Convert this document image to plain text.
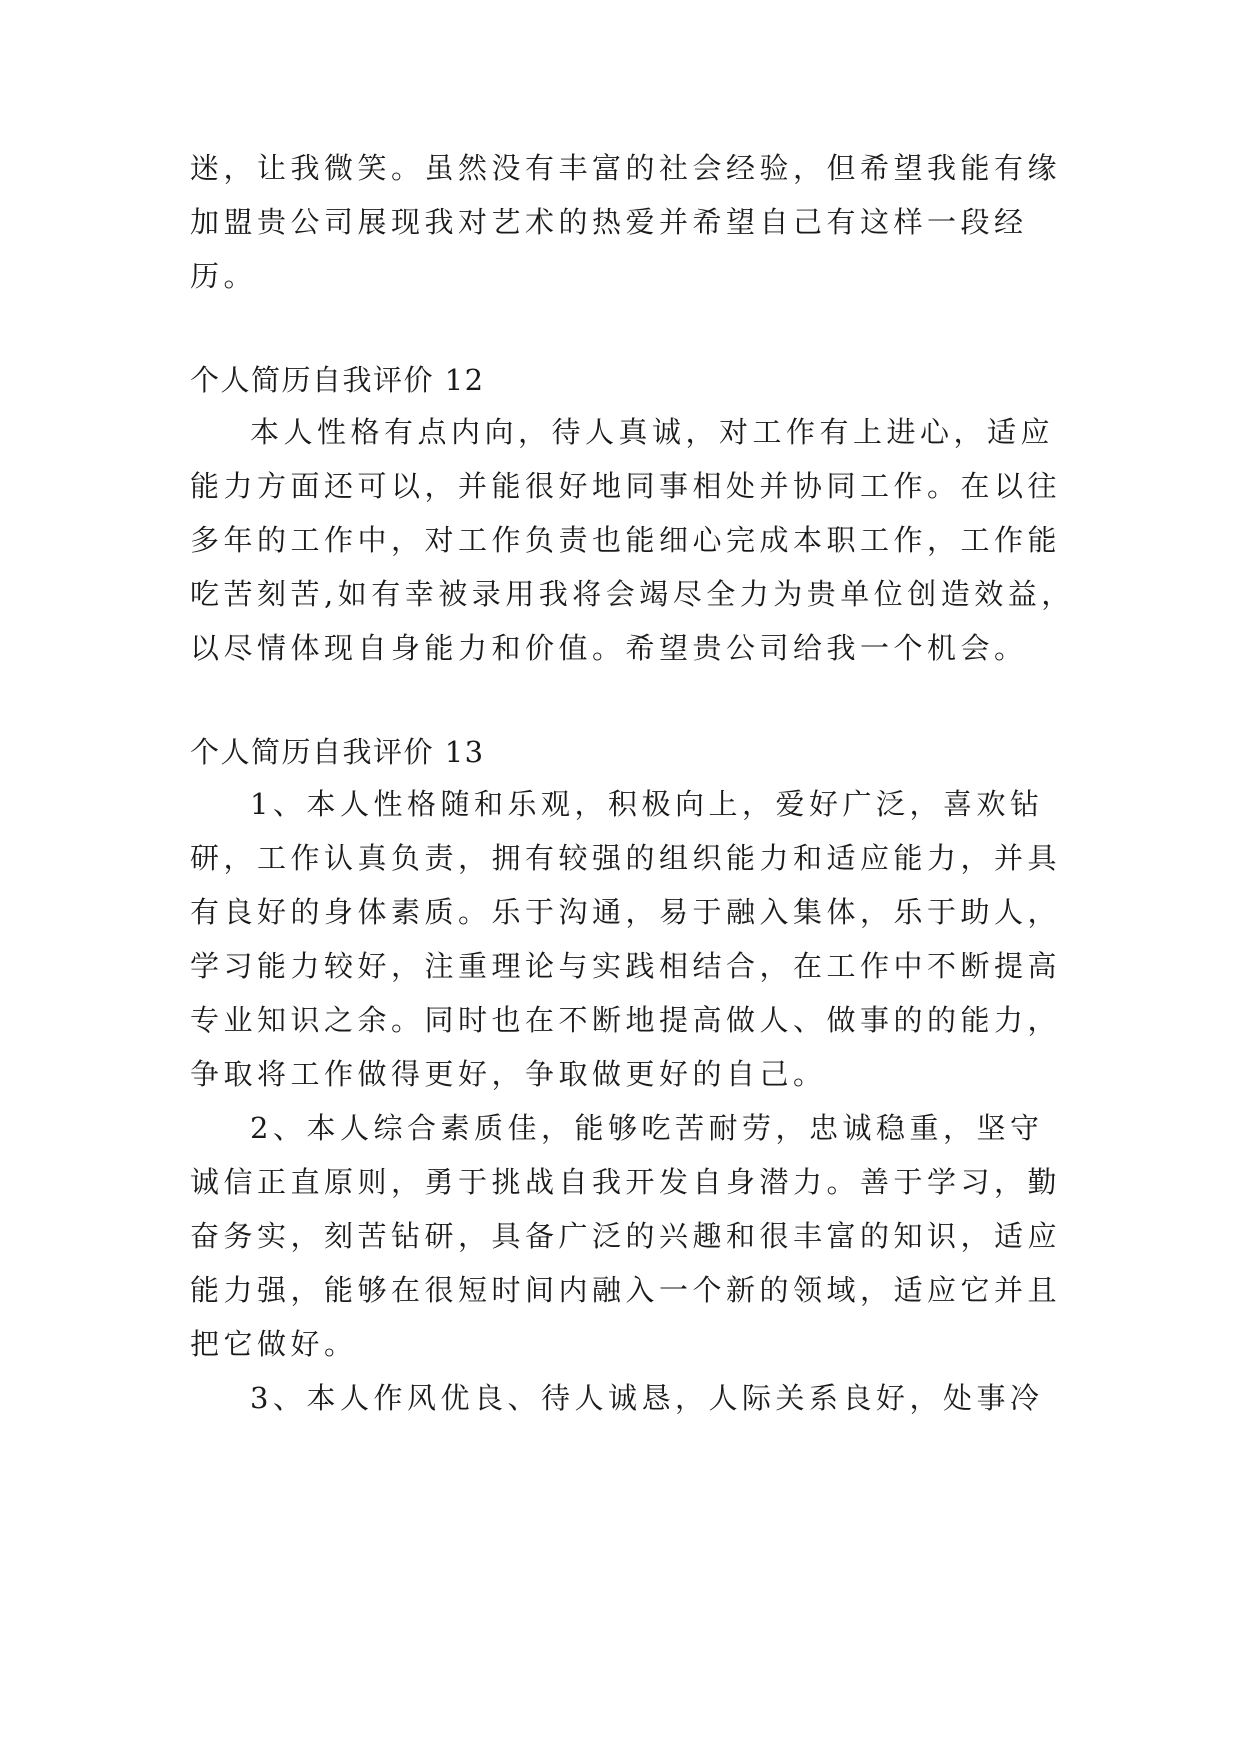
迷，让我微笑。虽然没有丰富的社会经验，但希望我能有缘
加盟贵公司展现我对艺术的热爱并希望自己有这样一段经
历。
个人简历自我评价 12
本人性格有点内向，待人真诚，对工作有上进心，适应
能力方面还可以，并能很好地同事相处并协同工作。在以往
多年的工作中，对工作负责也能细心完成本职工作，工作能
吃苦刻苦,如有幸被录用我将会竭尽全力为贵单位创造效益，
以尽情体现自身能力和价值。希望贵公司给我一个机会。
个人简历自我评价 13
1、本人性格随和乐观，积极向上，爱好广泛，喜欢钻
研，工作认真负责，拥有较强的组织能力和适应能力，并具
有良好的身体素质。乐于沟通，易于融入集体，乐于助人，
学习能力较好，注重理论与实践相结合，在工作中不断提高
专业知识之余。同时也在不断地提高做人、做事的的能力，
争取将工作做得更好，争取做更好的自己。
2、本人综合素质佳，能够吃苦耐劳，忠诚稳重，坚守
诚信正直原则，勇于挑战自我开发自身潜力。善于学习，勤
奋务实，刻苦钻研，具备广泛的兴趣和很丰富的知识，适应
能力强，能够在很短时间内融入一个新的领域，适应它并且
把它做好。
3、本人作风优良、待人诚恳，人际关系良好，处事冷
